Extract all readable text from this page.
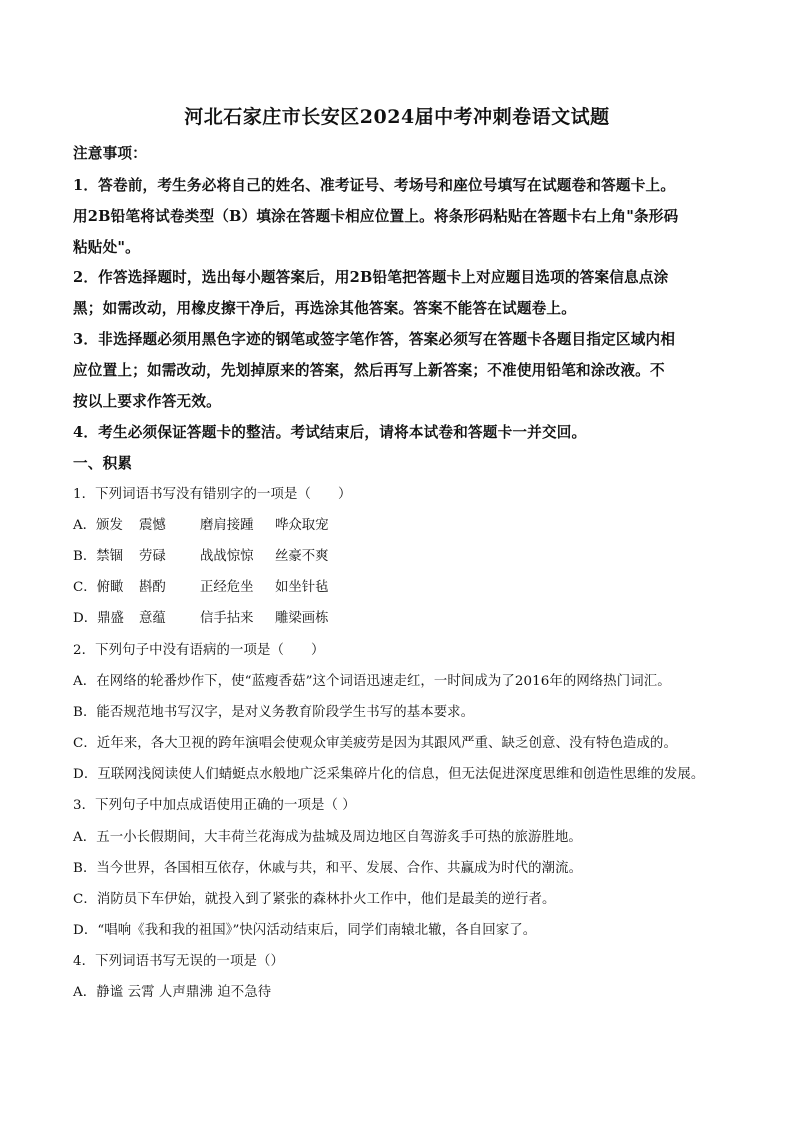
河北石家庄市长安区2024届中考冲刺卷语文试题
注意事项：
1．答卷前，考生务必将自己的姓名、准考证号、考场号和座位号填写在试题卷和答题卡上。
用2B铅笔将试卷类型（B）填涂在答题卡相应位置上。将条形码粘贴在答题卡右上角"条形码
粘贴处"。
2．作答选择题时，选出每小题答案后，用2B铅笔把答题卡上对应题目选项的答案信息点涂
黑；如需改动，用橡皮擦干净后，再选涂其他答案。答案不能答在试题卷上。
3．非选择题必须用黑色字迹的钢笔或签字笔作答，答案必须写在答题卡各题目指定区域内相
应位置上；如需改动，先划掉原来的答案，然后再写上新答案；不准使用铅笔和涂改液。不
按以上要求作答无效。
4．考生必须保证答题卡的整洁。考试结束后，请将本试卷和答题卡一并交回。
一、积累
1．下列词语书写没有错别字的一项是（　　）
A．颁发 震憾	磨肩接踵 哗众取宠
B．禁锢 劳碌	战战惊惊 丝豪不爽
C．俯瞰 斟酌	正经危坐 如坐针毡
D．鼎盛 意蕴	信手拈来 雕梁画栋
2．下列句子中没有语病的一项是（　　）
A．在网络的轮番炒作下，使“蓝瘦香菇”这个词语迅速走红，一时间成为了2016年的网络热门词汇。
B．能否规范地书写汉字，是对义务教育阶段学生书写的基本要求。
C．近年来，各大卫视的跨年演唱会使观众审美疲劳是因为其跟风严重、缺乏创意、没有特色造成的。
D．互联网浅阅读使人们蜻蜓点水般地广泛采集碎片化的信息，但无法促进深度思维和创造性思维的发展。
3．下列句子中加点成语使用正确的一项是（ ）
A．五一小长假期间，大丰荷兰花海成为盐城及周边地区自驾游炙手可热的旅游胜地。
B．当今世界，各国相互依存，休戚与共，和平、发展、合作、共赢成为时代的潮流。
C．消防员下车伊始，就投入到了紧张的森林扑火工作中，他们是最美的逆行者。
D．“唱响《我和我的祖国》”快闪活动结束后，同学们南辕北辙，各自回家了。
4．下列词语书写无误的一项是（）
A．静谧 云霄 人声鼎沸 迫不急待
